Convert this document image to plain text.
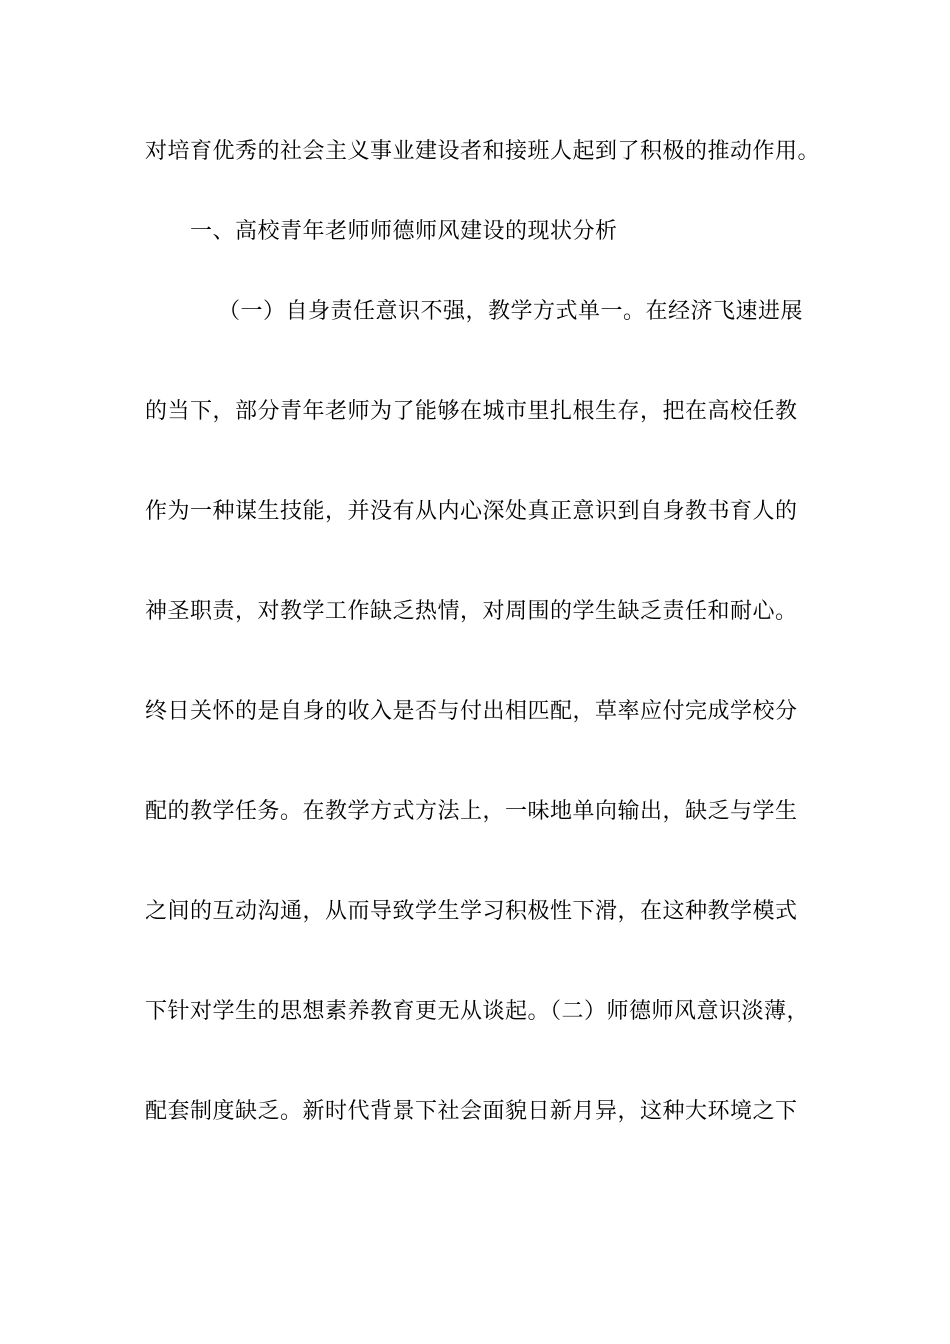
对培育优秀的社会主义事业建设者和接班人起到了积极的推动作用。
一、高校青年老师师德师风建设的现状分析
（一）自身责任意识不强，教学方式单一。在经济飞速进展
的当下，部分青年老师为了能够在城市里扎根生存，把在高校任教
作为一种谋生技能，并没有从内心深处真正意识到自身教书育人的
神圣职责，对教学工作缺乏热情，对周围的学生缺乏责任和耐心。
终日关怀的是自身的收入是否与付出相匹配，草率应付完成学校分
配的教学任务。在教学方式方法上，一味地单向输出，缺乏与学生
之间的互动沟通，从而导致学生学习积极性下滑，在这种教学模式
下针对学生的思想素养教育更无从谈起。（二）师德师风意识淡薄，
配套制度缺乏。新时代背景下社会面貌日新月异，这种大环境之下
